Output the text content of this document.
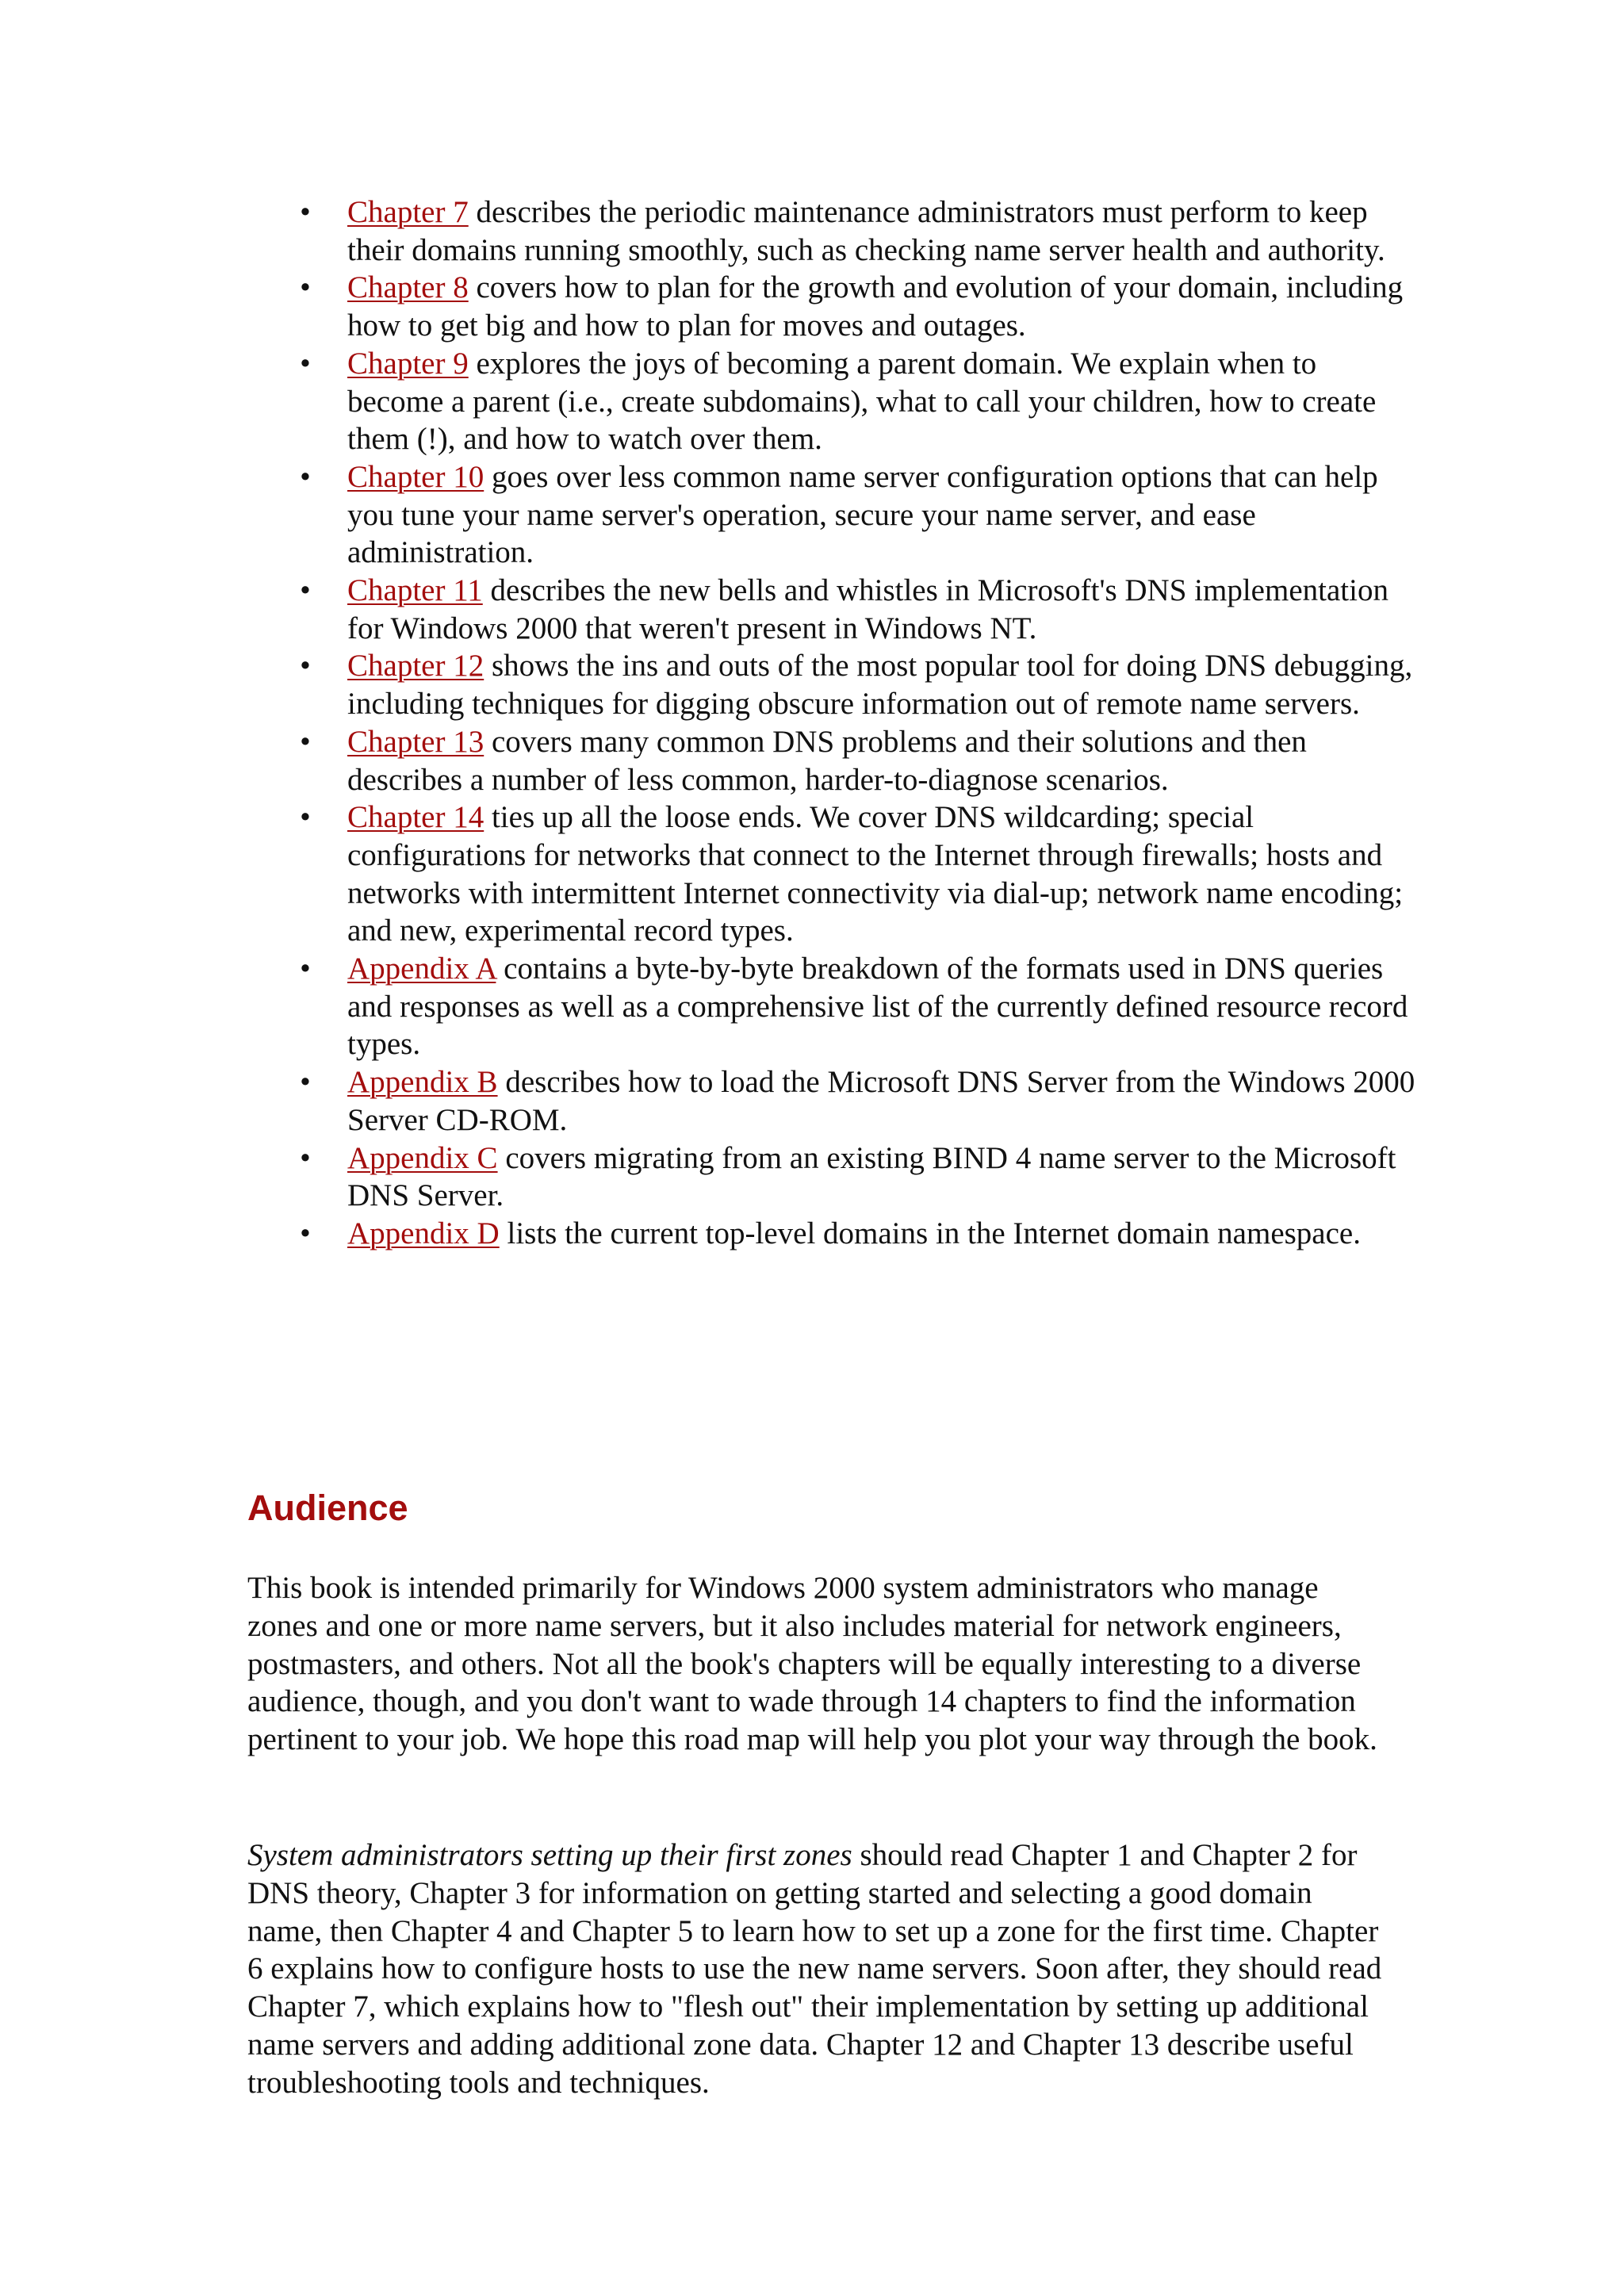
• Chapter 7 describes the periodic maintenance administrators must perform to keep their domains running smoothly, such as checking name server health and authority.
• Chapter 8 covers how to plan for the growth and evolution of your domain, including how to get big and how to plan for moves and outages.
• Chapter 9 explores the joys of becoming a parent domain. We explain when to become a parent (i.e., create subdomains), what to call your children, how to create them (!), and how to watch over them.
• Chapter 10 goes over less common name server configuration options that can help you tune your name server's operation, secure your name server, and ease administration.
• Chapter 11 describes the new bells and whistles in Microsoft's DNS implementation for Windows 2000 that weren't present in Windows NT.
• Chapter 12 shows the ins and outs of the most popular tool for doing DNS debugging, including techniques for digging obscure information out of remote name servers.
• Chapter 13 covers many common DNS problems and their solutions and then describes a number of less common, harder-to-diagnose scenarios.
• Chapter 14 ties up all the loose ends. We cover DNS wildcarding; special configurations for networks that connect to the Internet through firewalls; hosts and networks with intermittent Internet connectivity via dial-up; network name encoding; and new, experimental record types.
• Appendix A contains a byte-by-byte breakdown of the formats used in DNS queries and responses as well as a comprehensive list of the currently defined resource record types.
• Appendix B describes how to load the Microsoft DNS Server from the Windows 2000 Server CD-ROM.
• Appendix C covers migrating from an existing BIND 4 name server to the Microsoft DNS Server.
• Appendix D lists the current top-level domains in the Internet domain namespace.
Audience

This book is intended primarily for Windows 2000 system administrators who manage zones and one or more name servers, but it also includes material for network engineers, postmasters, and others. Not all the book's chapters will be equally interesting to a diverse audience, though, and you don't want to wade through 14 chapters to find the information pertinent to your job. We hope this road map will help you plot your way through the book.

System administrators setting up their first zones should read Chapter 1 and Chapter 2 for DNS theory, Chapter 3 for information on getting started and selecting a good domain name, then Chapter 4 and Chapter 5 to learn how to set up a zone for the first time. Chapter 6 explains how to configure hosts to use the new name servers. Soon after, they should read Chapter 7, which explains how to "flesh out" their implementation by setting up additional name servers and adding additional zone data. Chapter 12 and Chapter 13 describe useful troubleshooting tools and techniques.
